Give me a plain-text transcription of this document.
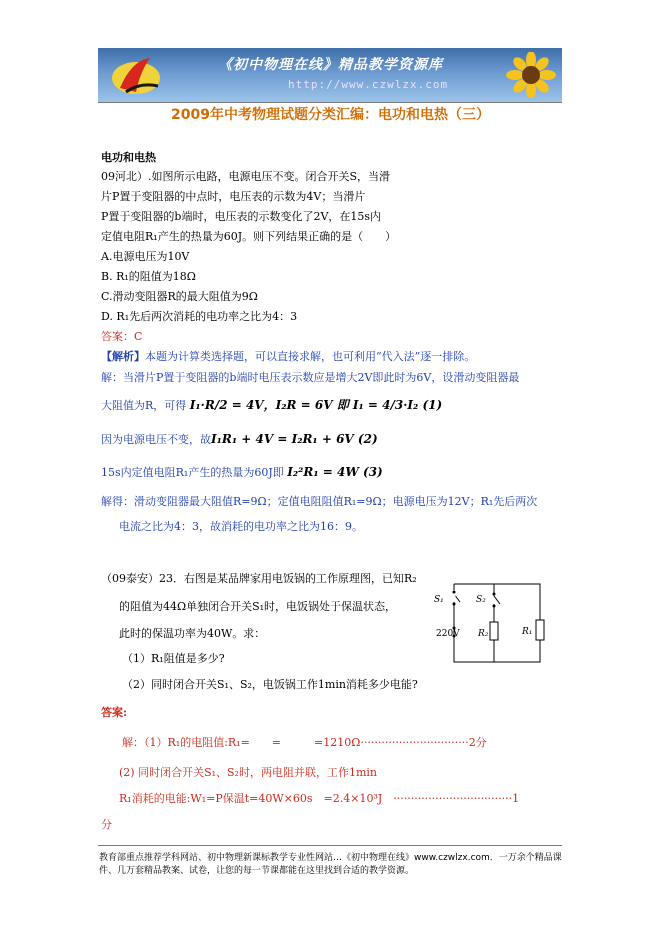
《初中物理在线》精品教学资源库
http://www.czwlzx.com
2009年中考物理试题分类汇编：电功和电热（三）
电功和电热
09河北）.如图所示电路，电源电压不变。闭合开关S，当滑
片P置于变阻器的中点时，电压表的示数为4V；当滑片
P置于变阻器的b端时，电压表的示数变化了2V，在15s内
定值电阻R₁产生的热量为60J。则下列结果正确的是（　　）
A.电源电压为10V
B. R₁的阻值为18Ω
C.滑动变阻器R的最大阻值为9Ω
D. R₁先后两次消耗的电功率之比为4：3
答案：C
【解析】本题为计算类选择题，可以直接求解，也可利用“代入法”逐一排除。
解：当滑片P置于变阻器的b端时电压表示数应是增大2V即此时为6V，设滑动变阻器最
大阻值为R，可得 I₁·R/2 = 4V，I₂R = 6V 即 I₁ = 4/3·I₂ (1)
因为电源电压不变，故I₁R₁ + 4V = I₂R₁ + 6V (2)
15s内定值电阻R₁产生的热量为60J即 I₂²R₁ = 4W (3)
解得：滑动变阻器最大阻值R=9Ω；定值电阻阻值R₁=9Ω；电源电压为12V；R₁先后两次
电流之比为4：3，故消耗的电功率之比为16：9。
（09泰安）23．右图是某品牌家用电饭锅的工作原理图，已知R₂
的阻值为44Ω单独闭合开关S₁时，电饭锅处于保温状态，
此时的保温功率为40W。求：
（1）R₁阻值是多少?
（2）同时闭合开关S₁、S₂，电饭锅工作1min消耗多少电能?
答案:
解：（1）R₁的电阻值:R₁=　　=　　　=1210Ω·······························2分
(2) 同时闭合开关S₁、S₂时，两电阻并联，工作1min
R₁消耗的电能:W₁=P保温t=40W×60s　=2.4×10³J　··································1
分
S₁	S₂
220V R₂	R₁
教育部重点推荐学科网站、初中物理新课标教学专业性网站…《初中物理在线》www.czwlzx.com．一万余个精品课件、几万套精品教案、试卷，让您的每一节课都能在这里找到合适的教学资源。
